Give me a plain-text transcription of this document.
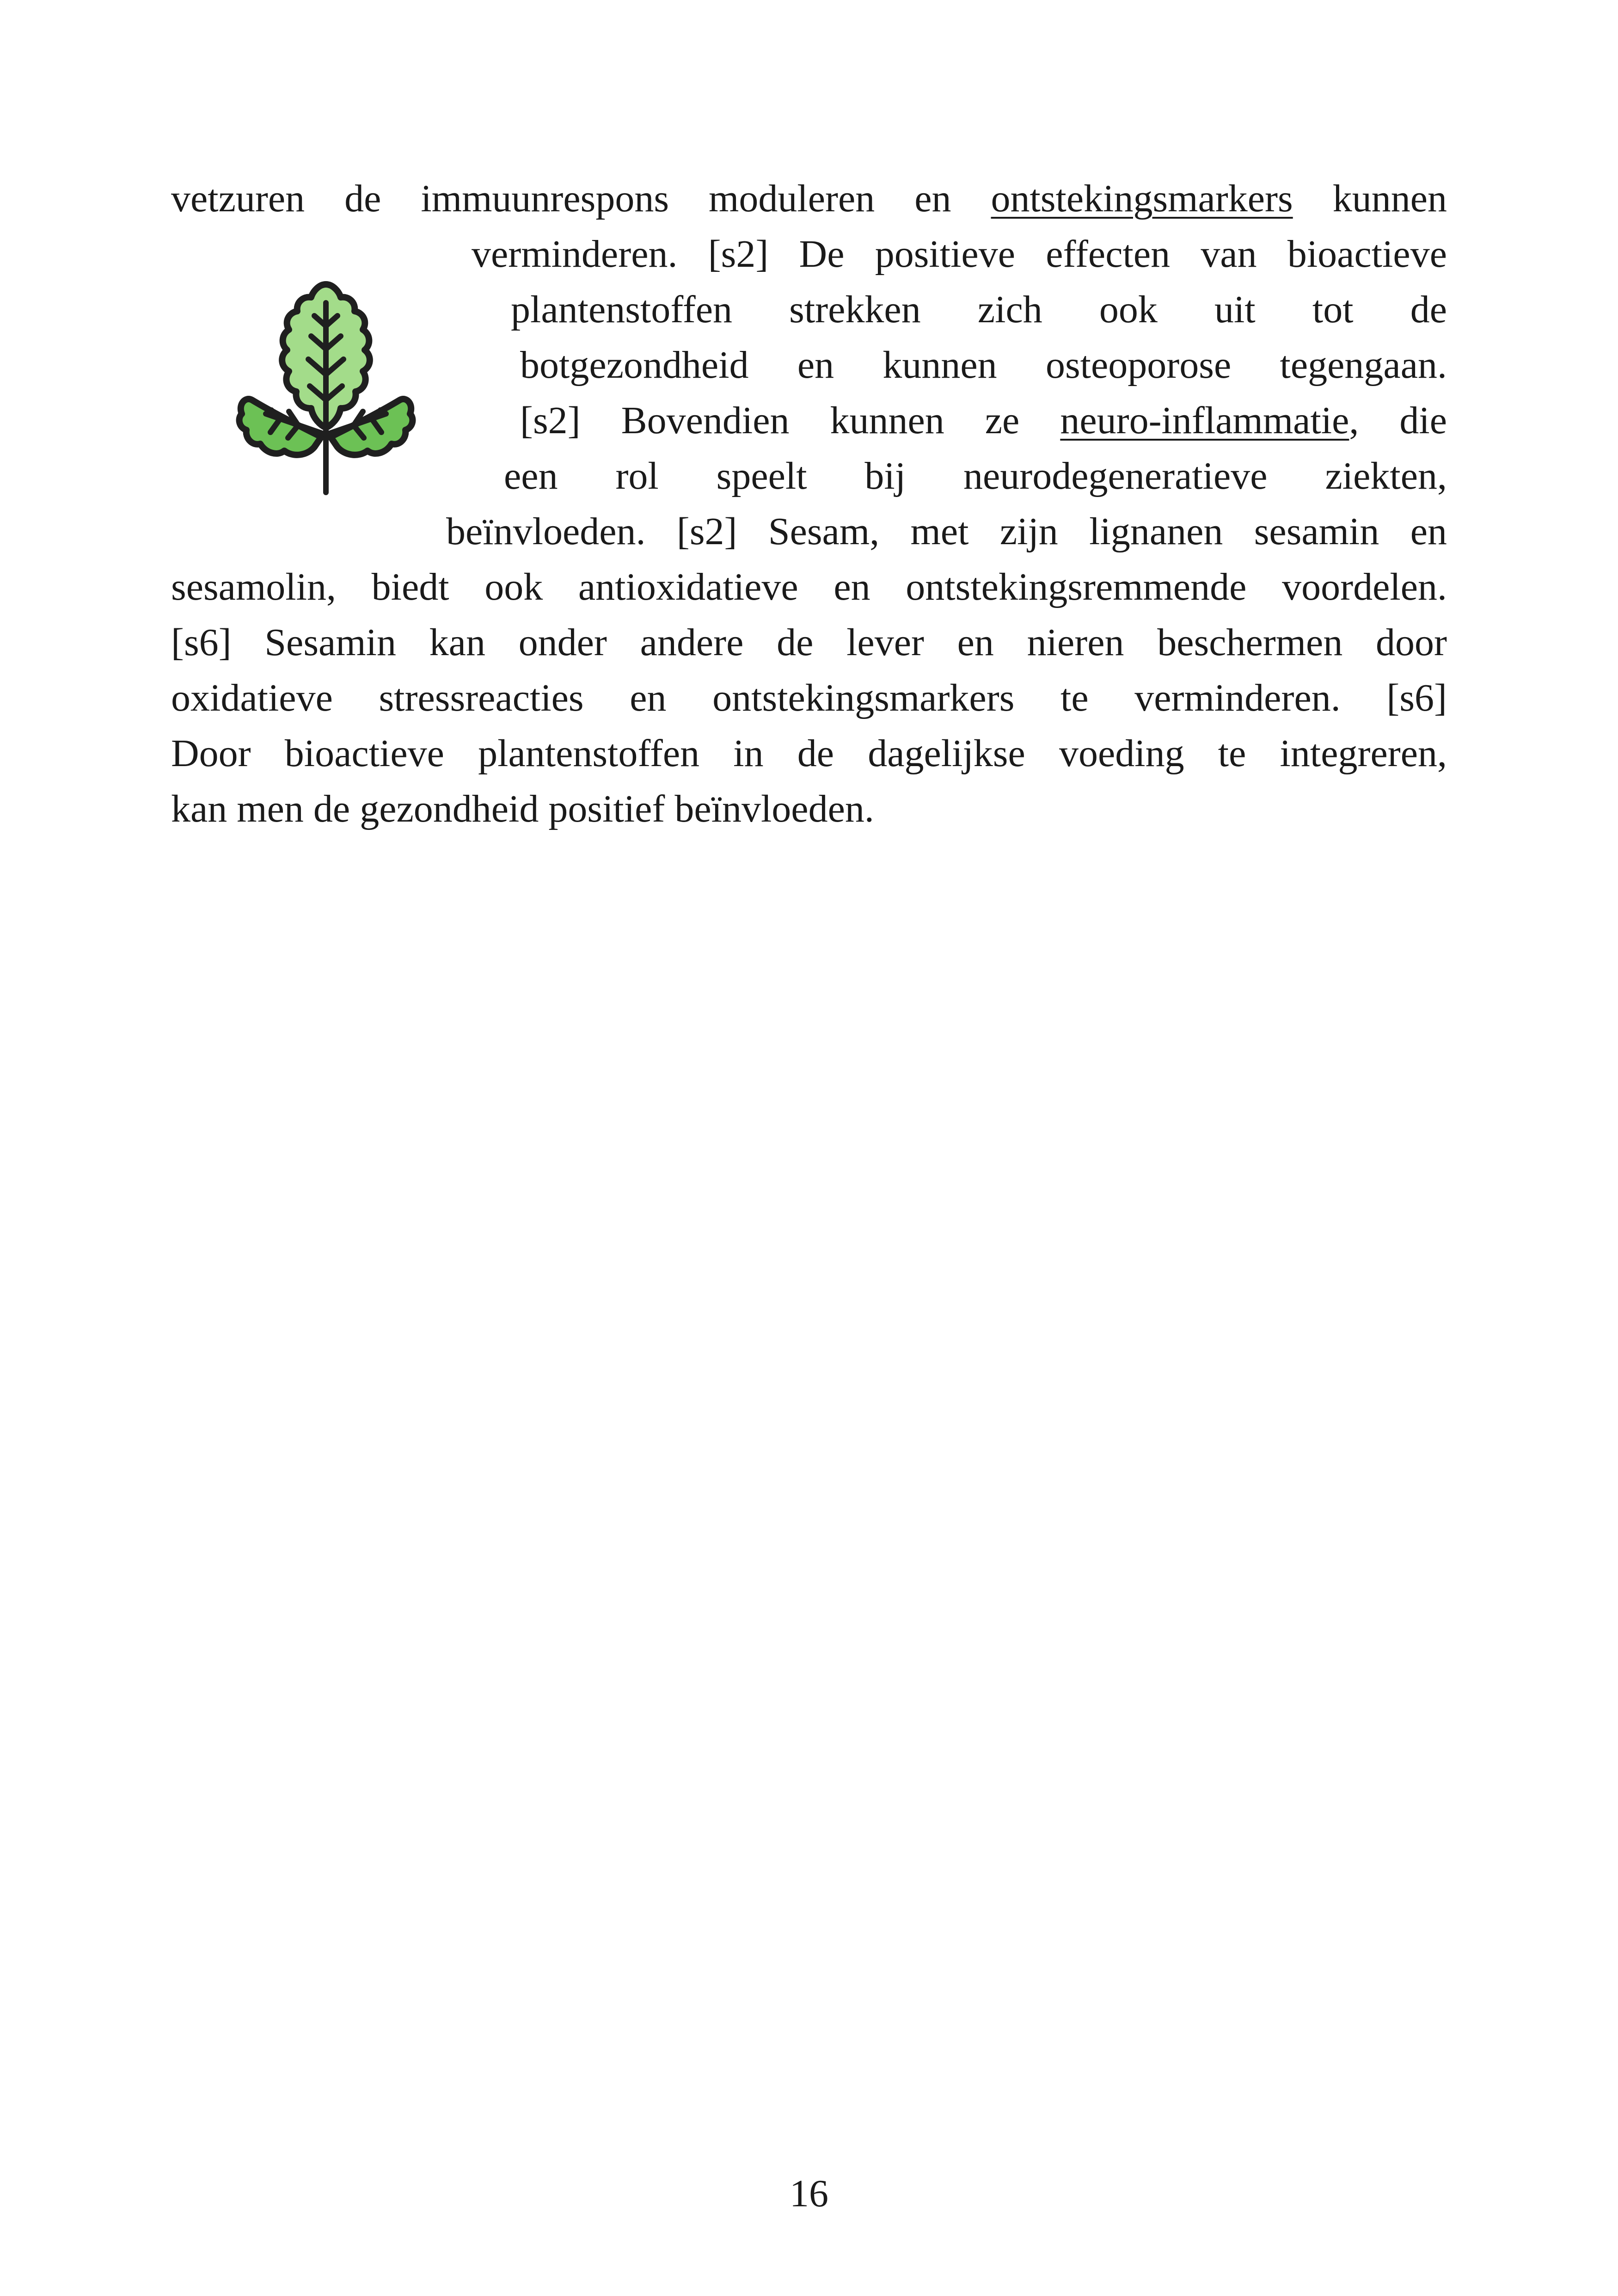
vetzuren de immuunrespons moduleren en ontstekingsmarkers kunnen
verminderen. [s2] De positieve effecten van bioactieve
plantenstoffen strekken zich ook uit tot de
botgezondheid en kunnen osteoporose tegengaan.
[s2] Bovendien kunnen ze neuro-inflammatie, die
een rol speelt bij neurodegeneratieve ziekten,
beïnvloeden. [s2] Sesam, met zijn lignanen sesamin en
sesamolin, biedt ook antioxidatieve en ontstekingsremmende voordelen.
[s6] Sesamin kan onder andere de lever en nieren beschermen door
oxidatieve stressreacties en ontstekingsmarkers te verminderen. [s6]
Door bioactieve plantenstoffen in de dagelijkse voeding te integreren,
kan men de gezondheid positief beïnvloeden.
16
